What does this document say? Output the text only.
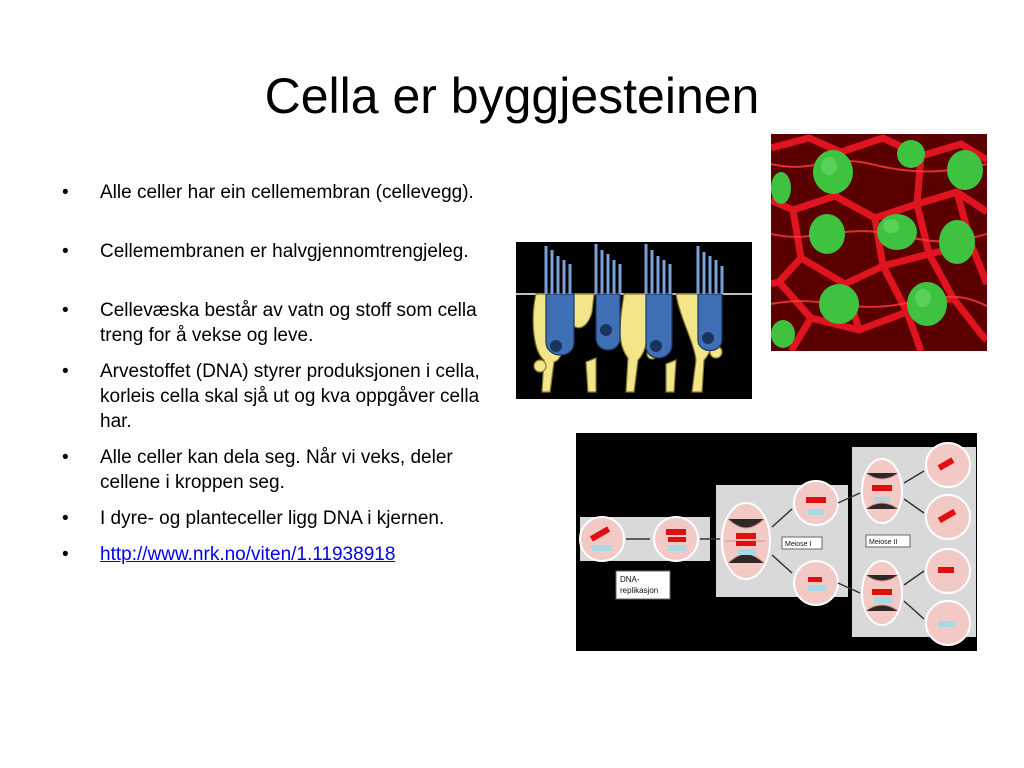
Cella er byggjesteinen
• Alle celler har ein cellemembran (cellevegg).
• Cellemembranen er halvgjennomtrengjeleg.
• Cellevæska består av vatn og stoff som cella treng for å vekse og leve.
• Arvestoffet (DNA) styrer produksjonen i cella, korleis cella skal sjå ut og kva oppgåver cella har.
• Alle celler kan dela seg. Når vi veks, deler cellene i kroppen seg.
• I dyre- og planteceller ligg DNA i kjernen.
• http://www.nrk.no/viten/1.11938918
DNA-
replikasjon
Meiose I	Meiose II
